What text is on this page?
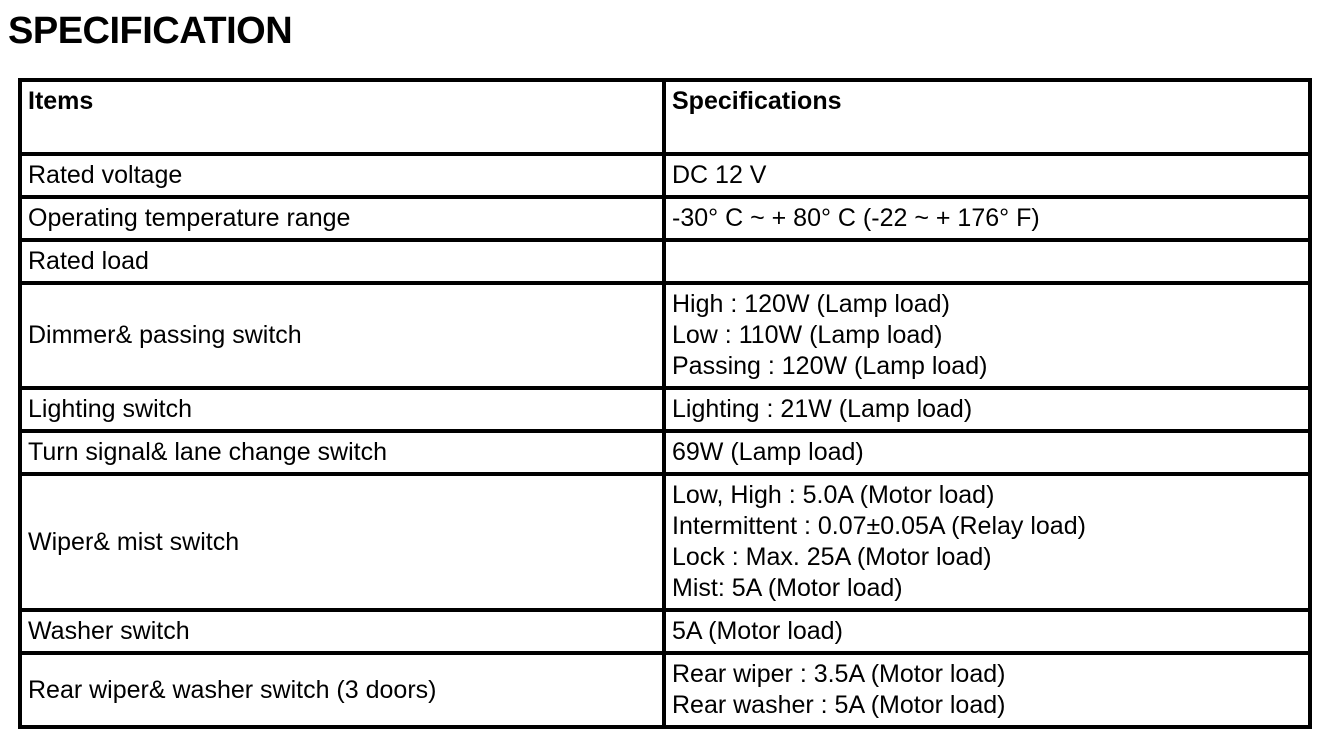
SPECIFICATION
Items	Specifications
Rated voltage	DC 12 V

Operating temperature range	-30° C ~ + 80° C (-22 ~ + 176° F)

Rated load	

Dimmer& passing switch	High : 120W (Lamp load)
Low : 110W (Lamp load)
Passing : 120W (Lamp load)

Lighting switch	Lighting : 21W (Lamp load)

Turn signal& lane change switch	69W (Lamp load)

Wiper& mist switch	Low, High : 5.0A (Motor load)
Intermittent : 0.07±0.05A (Relay load)
Lock : Max. 25A (Motor load)
Mist: 5A (Motor load)

Washer switch	5A (Motor load)

Rear wiper& washer switch (3 doors)	Rear wiper : 3.5A (Motor load)
Rear washer : 5A (Motor load)
